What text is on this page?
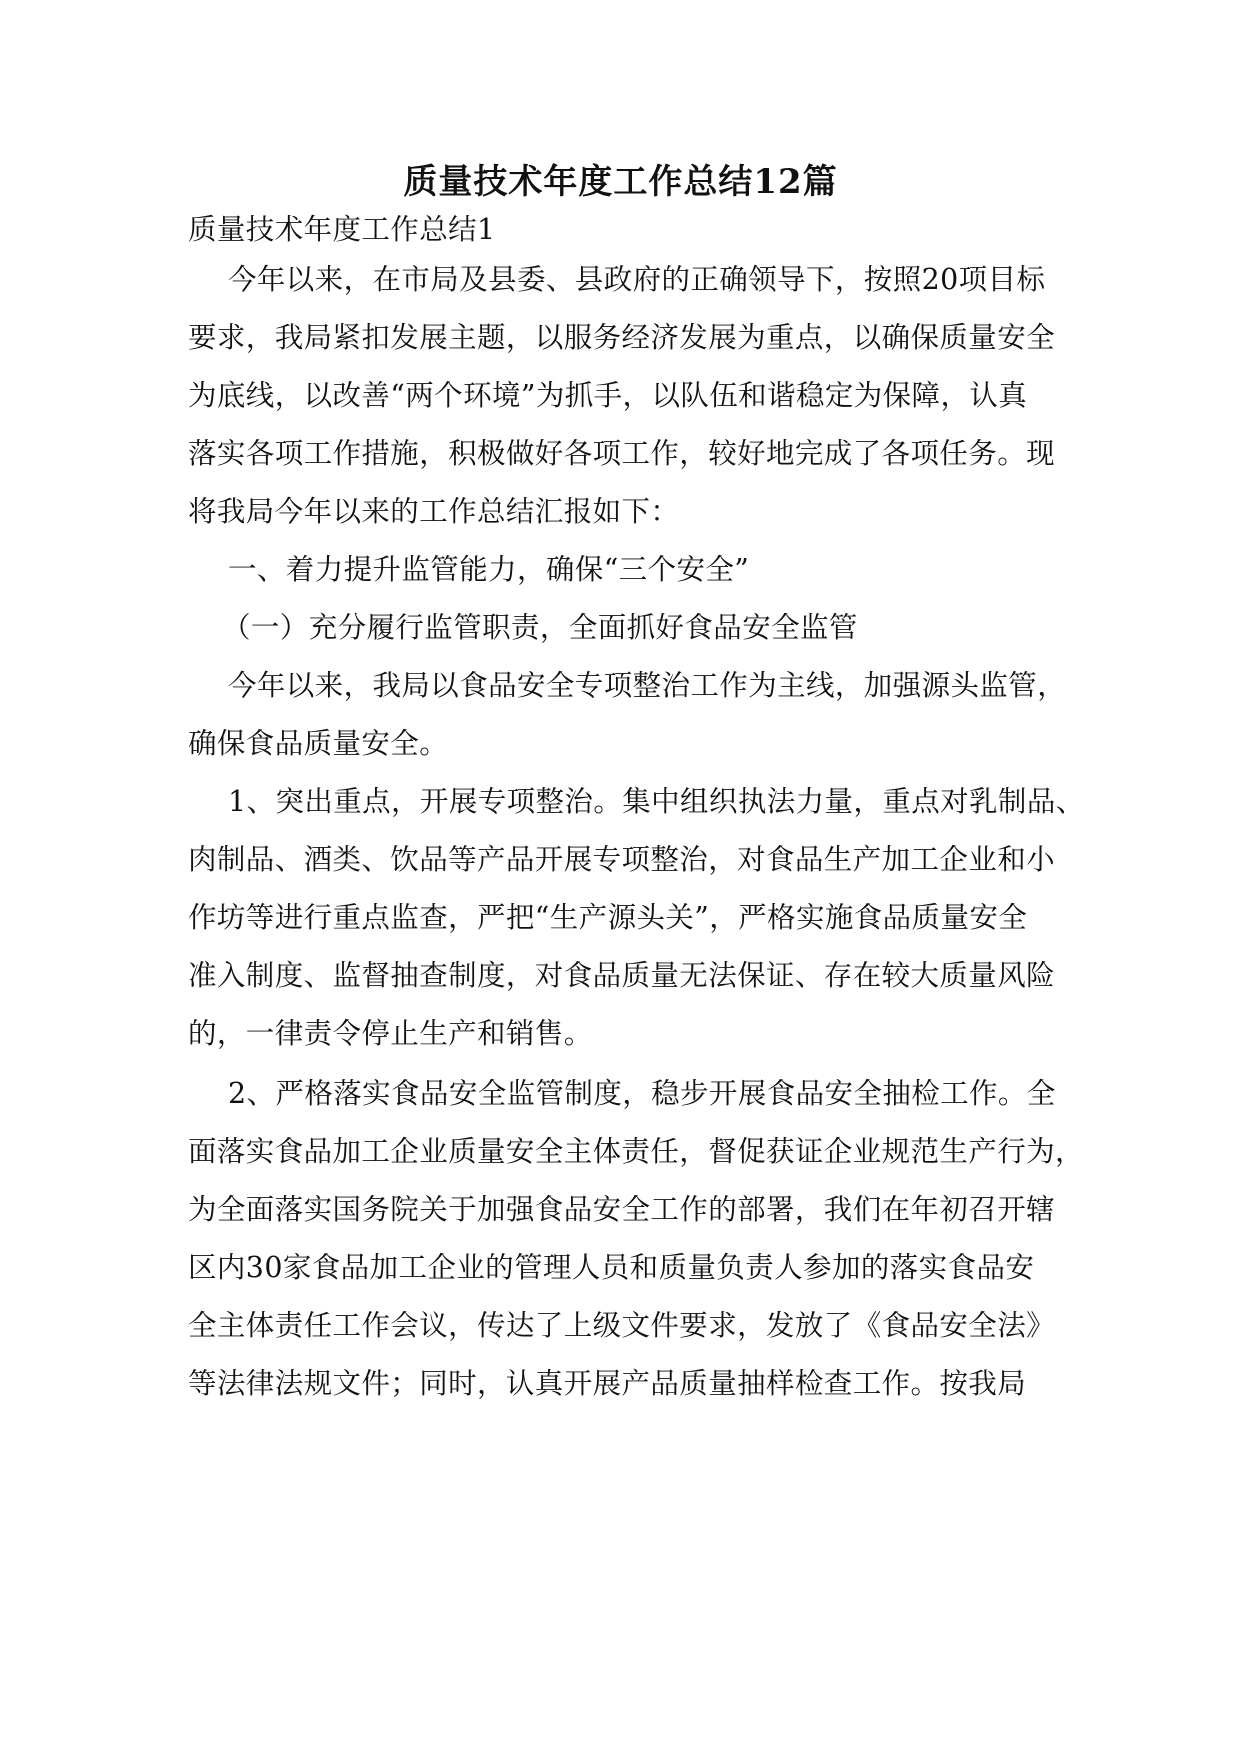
质量技术年度工作总结12篇

质量技术年度工作总结1

今年以来，在市局及县委、县政府的正确领导下，按照20项目标

要求，我局紧扣发展主题，以服务经济发展为重点，以确保质量安全

为底线，以改善“两个环境”为抓手，以队伍和谐稳定为保障，认真

落实各项工作措施，积极做好各项工作，较好地完成了各项任务。现

将我局今年以来的工作总结汇报如下：

一、着力提升监管能力，确保“三个安全”

（一）充分履行监管职责，全面抓好食品安全监管

今年以来，我局以食品安全专项整治工作为主线，加强源头监管，

确保食品质量安全。

1、突出重点，开展专项整治。集中组织执法力量，重点对乳制品、

肉制品、酒类、饮品等产品开展专项整治，对食品生产加工企业和小

作坊等进行重点监查，严把“生产源头关”，严格实施食品质量安全

准入制度、监督抽查制度，对食品质量无法保证、存在较大质量风险

的，一律责令停止生产和销售。

2、严格落实食品安全监管制度，稳步开展食品安全抽检工作。全

面落实食品加工企业质量安全主体责任，督促获证企业规范生产行为，

为全面落实国务院关于加强食品安全工作的部署，我们在年初召开辖

区内30家食品加工企业的管理人员和质量负责人参加的落实食品安

全主体责任工作会议，传达了上级文件要求，发放了《食品安全法》

等法律法规文件；同时，认真开展产品质量抽样检查工作。按我局
